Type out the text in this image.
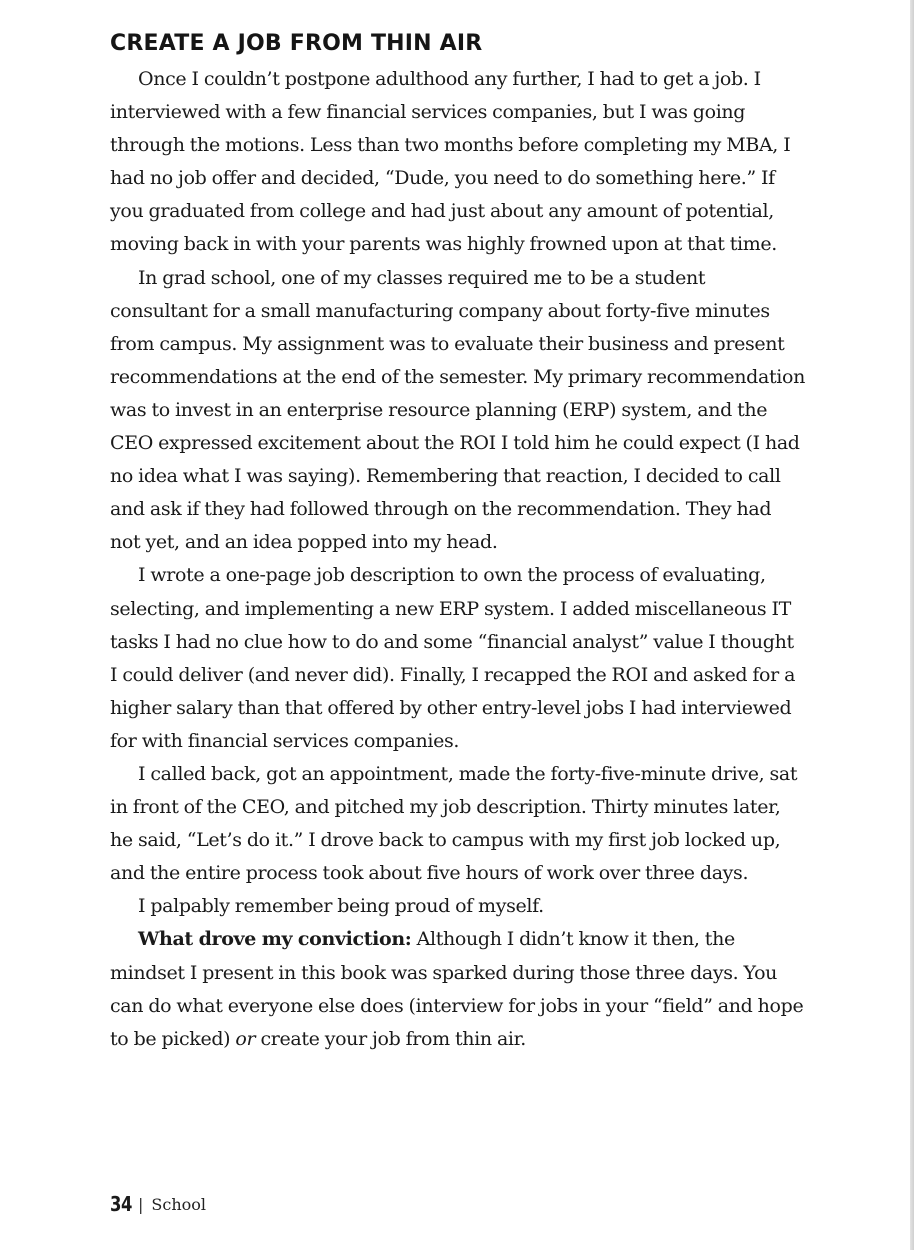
CREATE A JOB FROM THIN AIR

Once I couldn’t postpone adulthood any further, I had to get a job. I interviewed with a few financial services companies, but I was going through the motions. Less than two months before completing my MBA, I had no job offer and decided, “Dude, you need to do something here.” If you graduated from college and had just about any amount of potential, moving back in with your parents was highly frowned upon at that time.

In grad school, one of my classes required me to be a student consultant for a small manufacturing company about forty-five minutes from campus. My assignment was to evaluate their business and present recommendations at the end of the semester. My primary recommendation was to invest in an enterprise resource planning (ERP) system, and the CEO expressed excitement about the ROI I told him he could expect (I had no idea what I was saying). Remembering that reaction, I decided to call and ask if they had followed through on the recommendation. They had not yet, and an idea popped into my head.

I wrote a one-page job description to own the process of evaluating, selecting, and implementing a new ERP system. I added miscellaneous IT tasks I had no clue how to do and some “financial analyst” value I thought I could deliver (and never did). Finally, I recapped the ROI and asked for a higher salary than that offered by other entry-level jobs I had interviewed for with financial services companies.

I called back, got an appointment, made the forty-five-minute drive, sat in front of the CEO, and pitched my job description. Thirty minutes later, he said, “Let’s do it.” I drove back to campus with my first job locked up, and the entire process took about five hours of work over three days.

I palpably remember being proud of myself.

What drove my conviction: Although I didn’t know it then, the mindset I present in this book was sparked during those three days. You can do what everyone else does (interview for jobs in your “field” and hope to be picked) or create your job from thin air.

34 | School
